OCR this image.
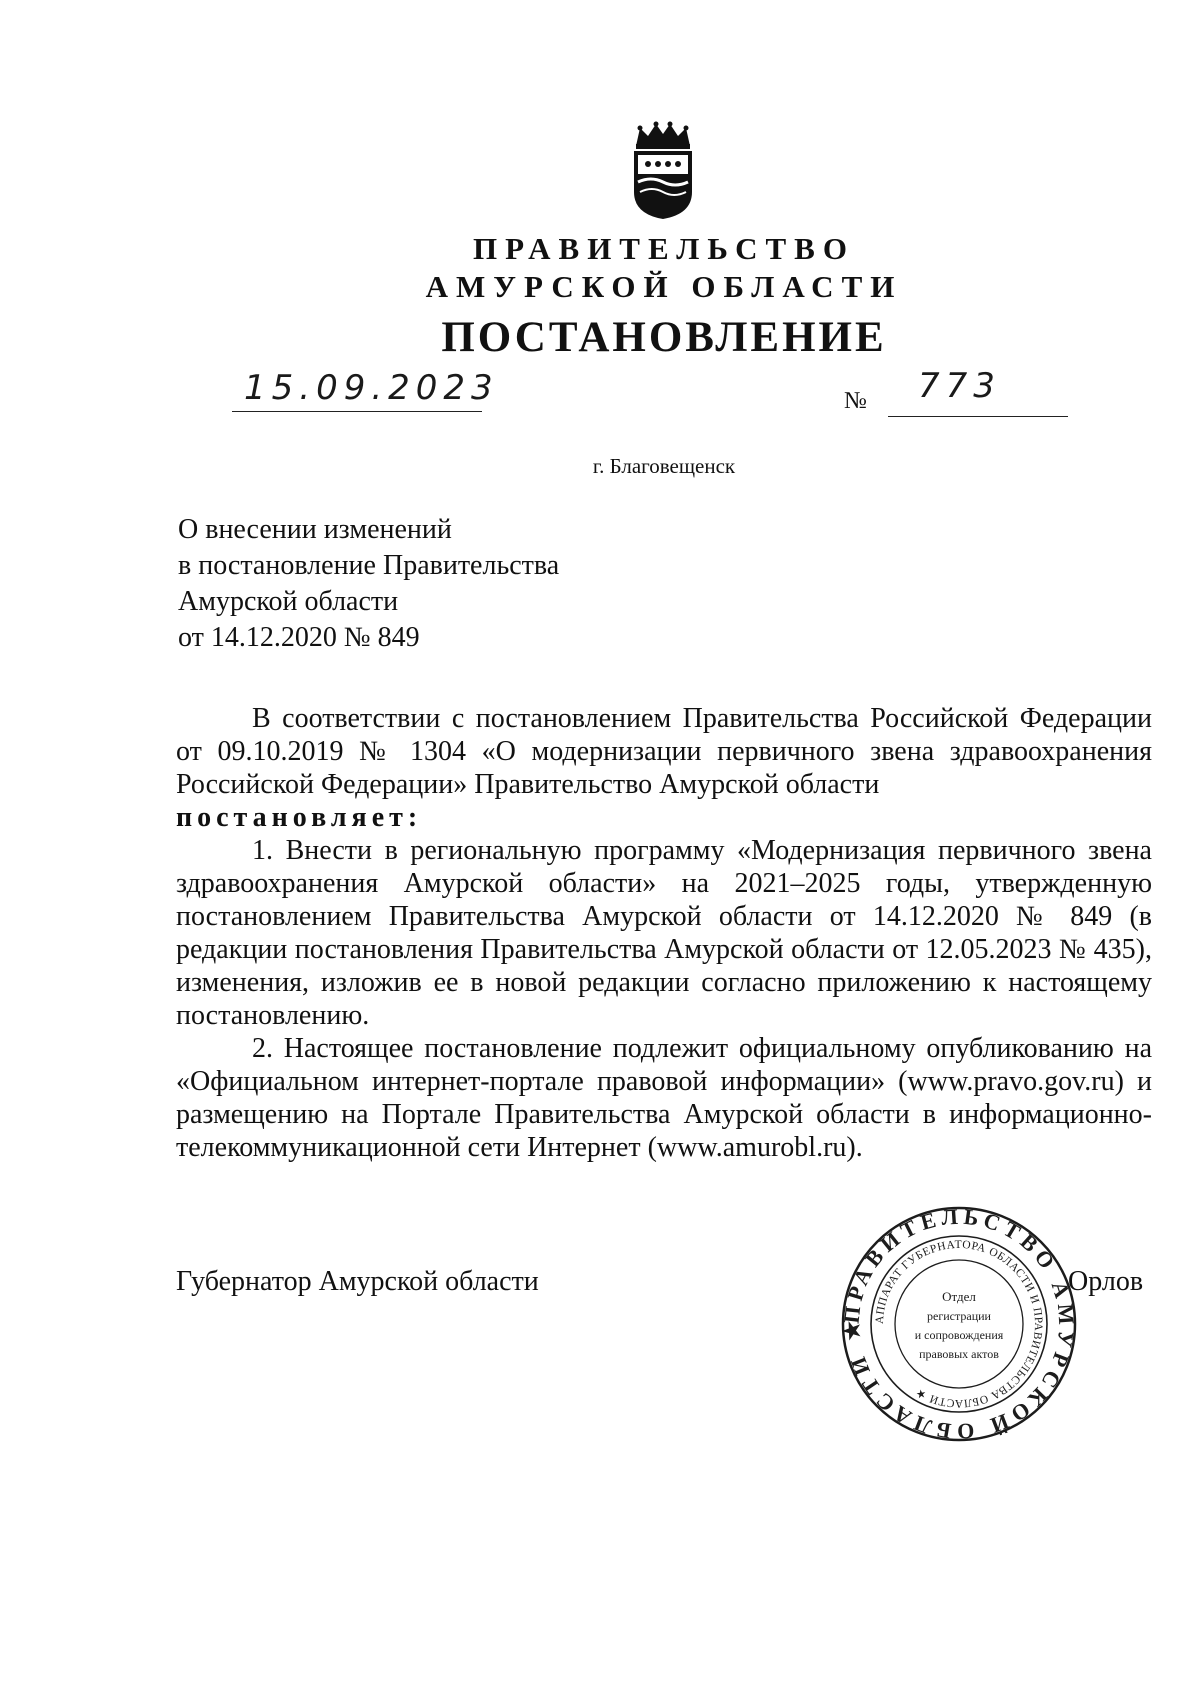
ПРАВИТЕЛЬСТВО
АМУРСКОЙ ОБЛАСТИ
ПОСТАНОВЛЕНИЕ
15.09.2023	№ 773
г. Благовещенск
О внесении изменений
в постановление Правительства
Амурской области
от 14.12.2020 № 849

В соответствии с постановлением Правительства Российской Федерации от 09.10.2019 № 1304 «О модернизации первичного звена здравоохранения Российской Федерации» Правительство Амурской области

постановляет:

1. Внести в региональную программу «Модернизация первичного звена здравоохранения Амурской области» на 2021–2025 годы, утвержденную постановлением Правительства Амурской области от 14.12.2020 № 849 (в редакции постановления Правительства Амурской области от 12.05.2023 № 435), изменения, изложив ее в новой редакции согласно приложению к настоящему постановлению.

2. Настоящее постановление подлежит официальному опубликованию на «Официальном интернет-портале правовой информации» (www.pravo.gov.ru) и размещению на Портале Правительства Амурской области в информационно-телекоммуникационной сети Интернет (www.amurobl.ru).

Губернатор Амурской области	Орлов
ПРАВИТЕЛЬСТВО АМУРСКОЙ ОБЛАСТИ ★ АППАРАТ ГУБЕРНАТОРА ОБЛАСТИ И ПРАВИТЕЛЬСТВА ОБЛАСТИ ★
Отдел
регистрации
и сопровождения
правовых актов
